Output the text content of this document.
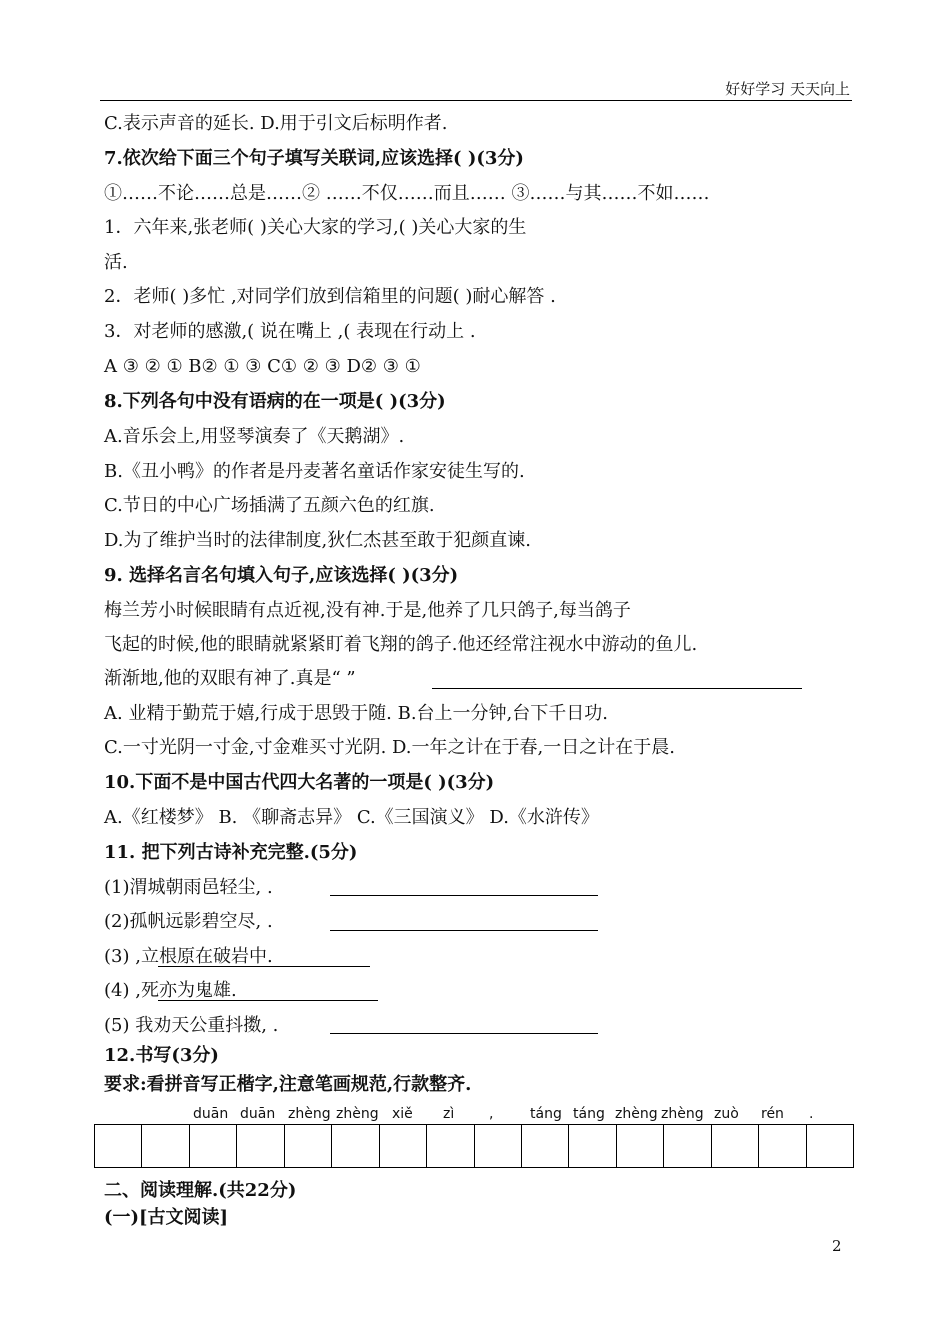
好好学习 天天向上
C.表示声音的延长. D.用于引文后标明作者.
7.依次给下面三个句子填写关联词,应该选择( )(3分)
①……不论……总是……② ……不仅……而且…… ③……与其……不如……
1．六年来,张老师( )关心大家的学习,( )关心大家的生
活.
2．老师( )多忙 ,对同学们放到信箱里的问题( )耐心解答 .
3．对老师的感激,( 说在嘴上 ,( 表现在行动上 .
A ③ ② ① B② ① ③ C① ② ③ D② ③ ①
8.下列各句中没有语病的在一项是( )(3分)
A.音乐会上,用竖琴演奏了《天鹅湖》.
B.《丑小鸭》的作者是丹麦著名童话作家安徒生写的.
C.节日的中心广场插满了五颜六色的红旗.
D.为了维护当时的法律制度,狄仁杰甚至敢于犯颜直谏.
9. 选择名言名句填入句子,应该选择( )(3分)
梅兰芳小时候眼睛有点近视,没有神.于是,他养了几只鸽子,每当鸽子
飞起的时候,他的眼睛就紧紧盯着飞翔的鸽子.他还经常注视水中游动的鱼儿.
渐渐地,他的双眼有神了.真是“ ”
A. 业精于勤荒于嬉,行成于思毁于随. B.台上一分钟,台下千日功.
C.一寸光阴一寸金,寸金难买寸光阴. D.一年之计在于春,一日之计在于晨.
10.下面不是中国古代四大名著的一项是( )(3分)
A.《红楼梦》 B. 《聊斋志异》 C.《三国演义》 D.《水浒传》
11. 把下列古诗补充完整.(5分)
(1)渭城朝雨邑轻尘, .
(2)孤帆远影碧空尽, .
(3) ,立根原在破岩中.
(4) ,死亦为鬼雄.
(5) 我劝天公重抖擞, .
12.书写(3分)
要求:看拼音写正楷字,注意笔画规范,行款整齐.
duān duān zhèng zhèng xiě zì ,	táng táng zhèng zhèng zuò rén .
二、阅读理解.(共22分)
(一)[古文阅读]
2
